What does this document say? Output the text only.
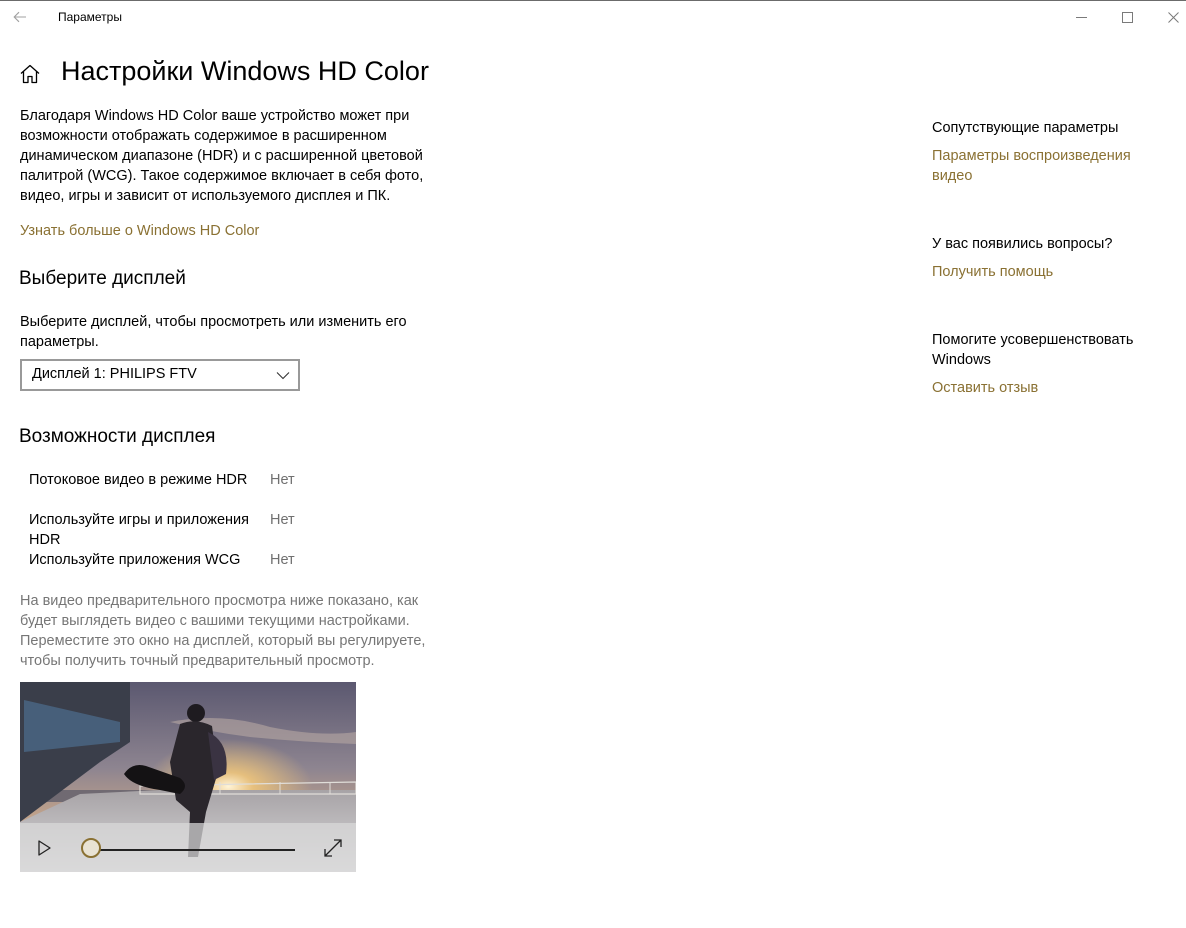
Параметры
Настройки Windows HD Color
Благодаря Windows HD Color ваше устройство может при возможности отображать содержимое в расширенном динамическом диапазоне (HDR) и с расширенной цветовой палитрой (WCG). Такое содержимое включает в себя фото, видео, игры и зависит от используемого дисплея и ПК.
Узнать больше о Windows HD Color
Выберите дисплей
Выберите дисплей, чтобы просмотреть или изменить его параметры.
Дисплей 1: PHILIPS FTV
Возможности дисплея
Потоковое видео в режиме HDR	Нет
Используйте игры и приложения HDR
Нет
Используйте приложения WCG	Нет
На видео предварительного просмотра ниже показано, как будет выглядеть видео с вашими текущими настройками. Переместите это окно на дисплей, который вы регулируете, чтобы получить точный предварительный просмотр.
Сопутствующие параметры
Параметры воспроизведения видео
У вас появились вопросы?
Получить помощь
Помогите усовершенствовать Windows
Оставить отзыв
